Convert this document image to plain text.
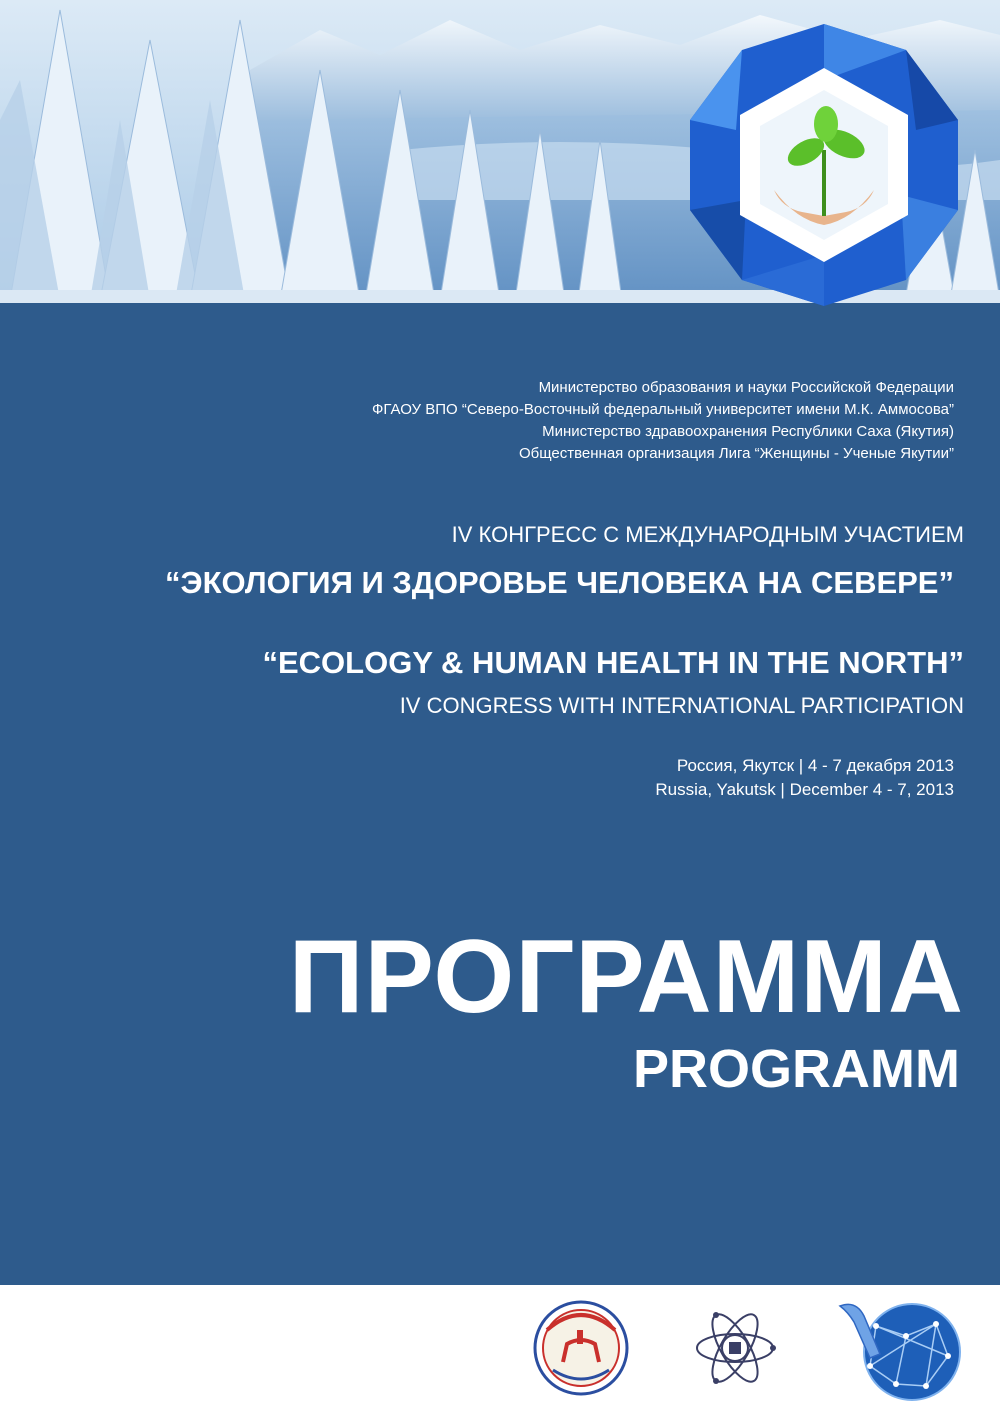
Министерство образования и науки Российской Федерации
ФГАОУ ВПО “Северо-Восточный федеральный университет имени М.К. Аммосова”
Министерство здравоохранения Республики Саха (Якутия)
Общественная организация Лига “Женщины - Ученые Якутии”
IV КОНГРЕСС С МЕЖДУНАРОДНЫМ УЧАСТИЕМ
“ЭКОЛОГИЯ И ЗДОРОВЬЕ ЧЕЛОВЕКА НА СЕВЕРЕ”
“ECOLOGY & HUMAN HEALTH IN THE NORTH”
IV CONGRESS WITH INTERNATIONAL PARTICIPATION
Россия, Якутск | 4 - 7 декабря 2013
Russia, Yakutsk | December 4 - 7, 2013
ПРОГРАММА
PROGRAMM
